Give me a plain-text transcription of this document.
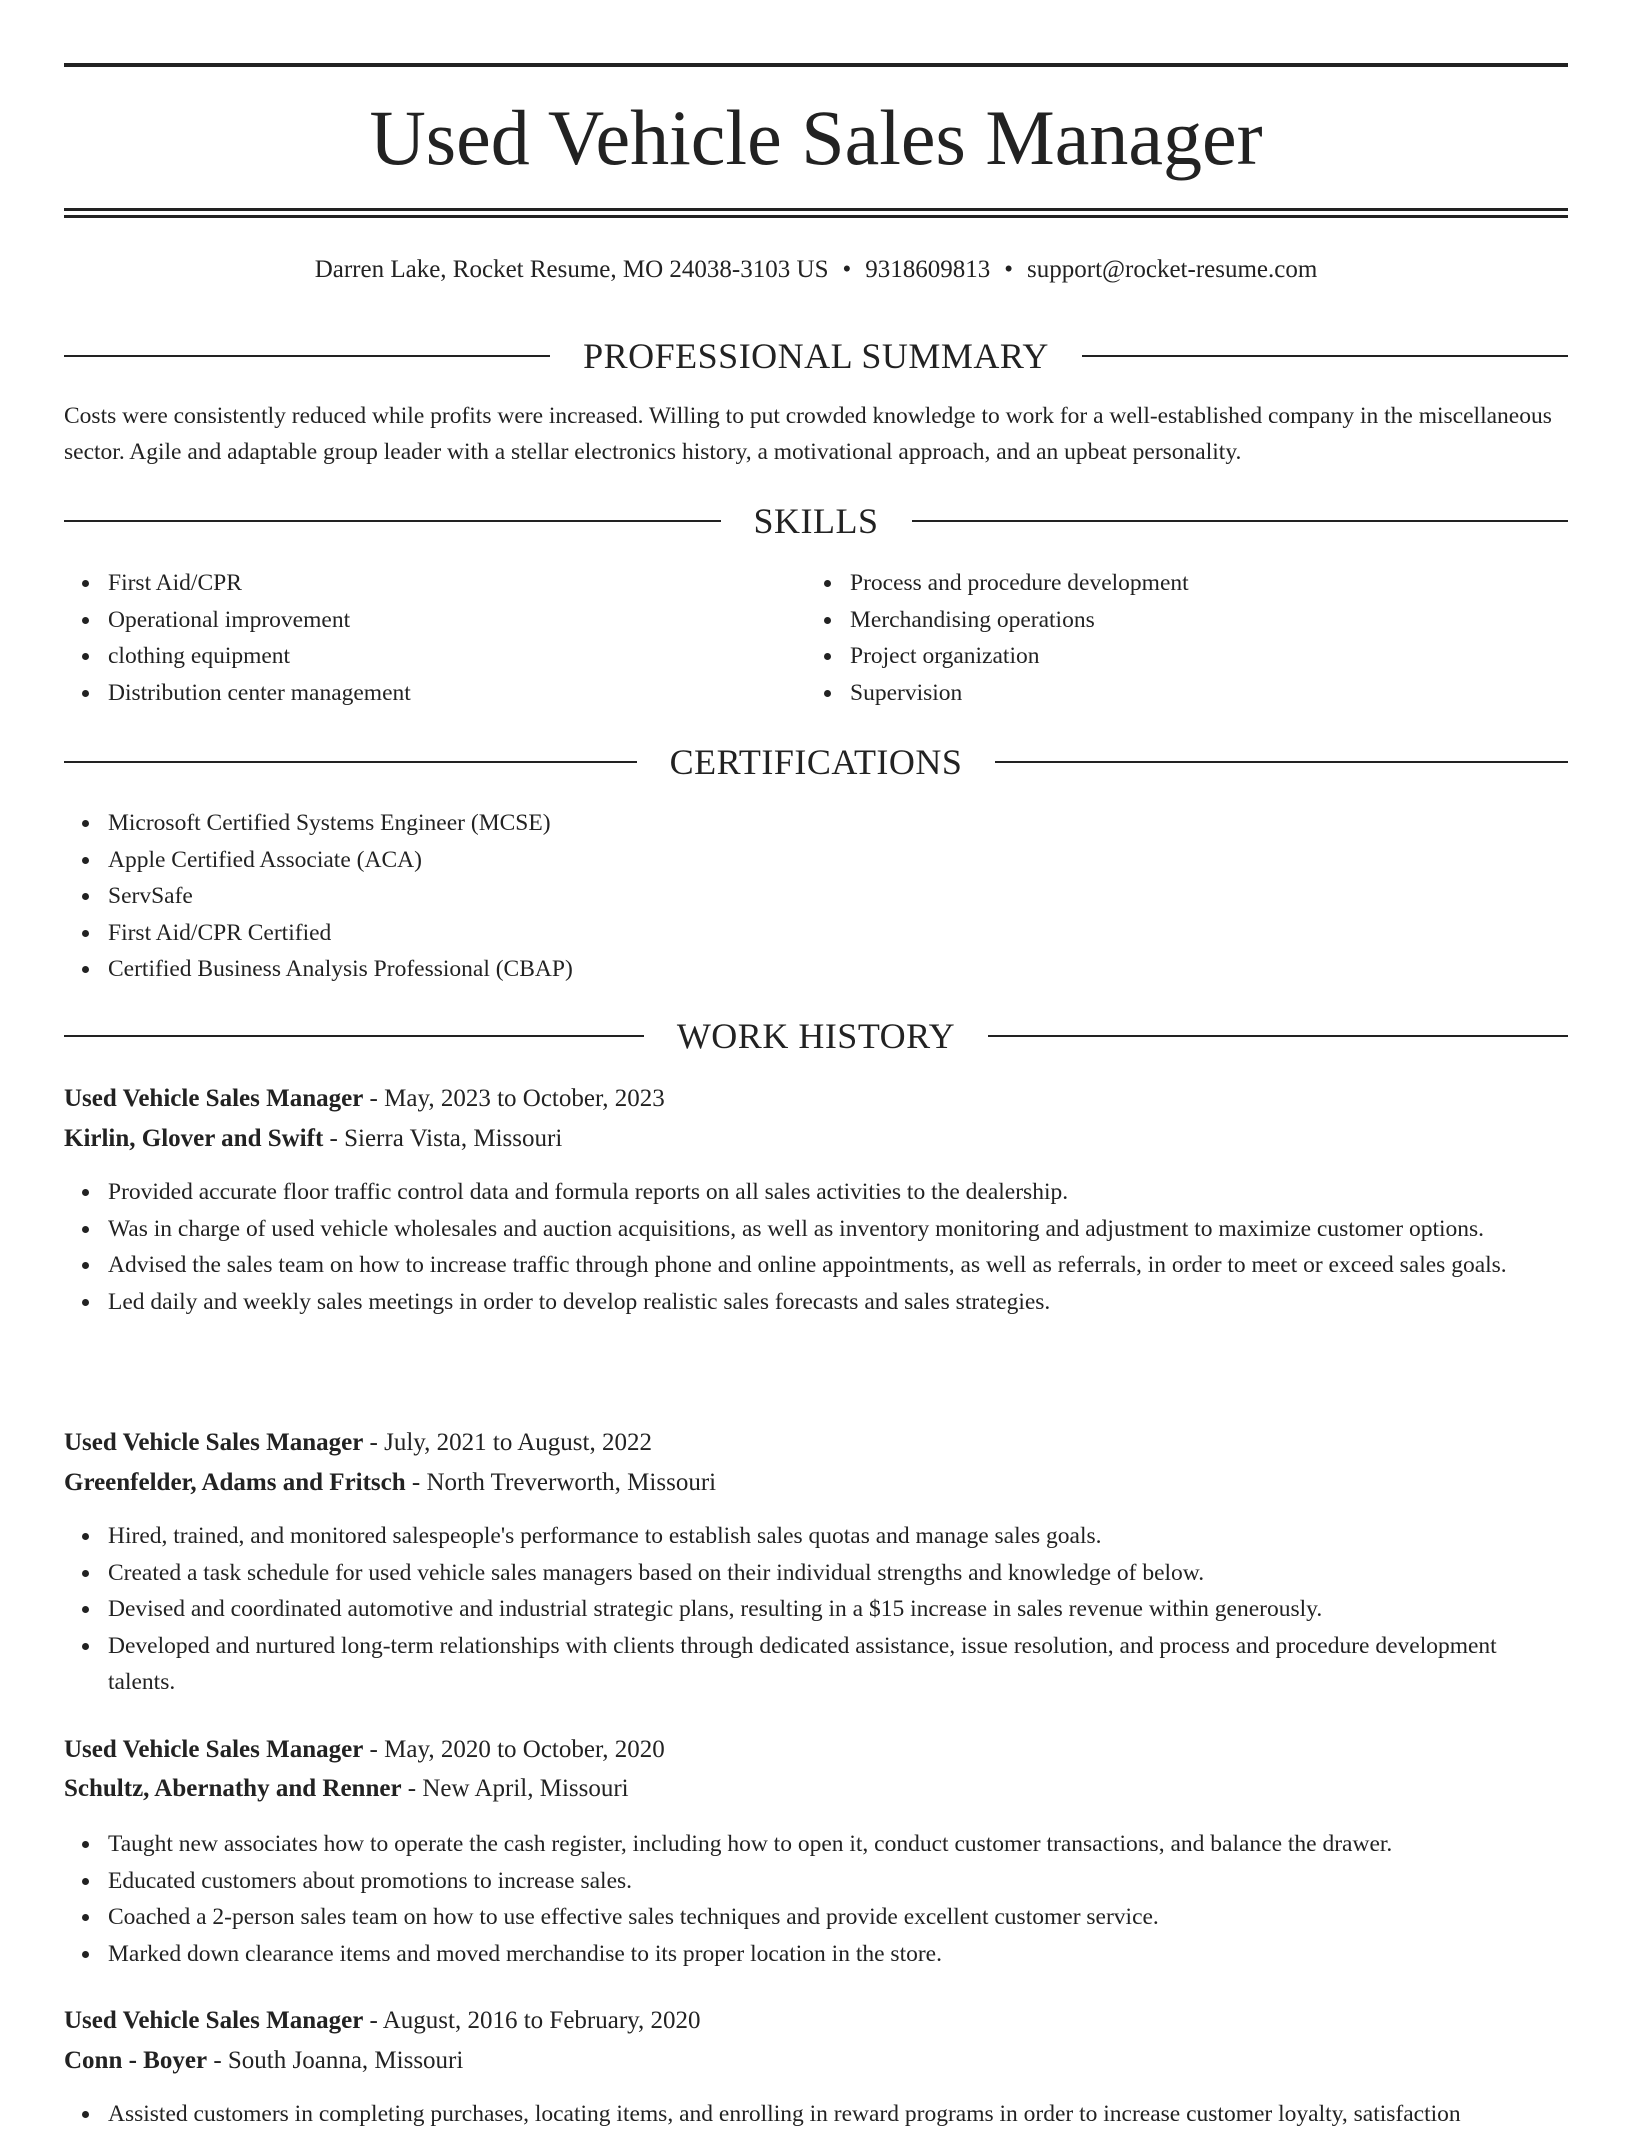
Used Vehicle Sales Manager
Darren Lake, Rocket Resume, MO 24038-3103 US • 9318609813 • support@rocket-resume.com
PROFESSIONAL SUMMARY

Costs were consistently reduced while profits were increased. Willing to put crowded knowledge to work for a well-established company in the miscellaneous sector. Agile and adaptable group leader with a stellar electronics history, a motivational approach, and an upbeat personality.

SKILLS
First Aid/CPR
Operational improvement
clothing equipment
Distribution center management
Process and procedure development
Merchandising operations
Project organization
Supervision
CERTIFICATIONS
Microsoft Certified Systems Engineer (MCSE)
Apple Certified Associate (ACA)
ServSafe
First Aid/CPR Certified
Certified Business Analysis Professional (CBAP)
WORK HISTORY
Used Vehicle Sales Manager - May, 2023 to October, 2023
Kirlin, Glover and Swift - Sierra Vista, Missouri
Provided accurate floor traffic control data and formula reports on all sales activities to the dealership.
Was in charge of used vehicle wholesales and auction acquisitions, as well as inventory monitoring and adjustment to maximize customer options.
Advised the sales team on how to increase traffic through phone and online appointments, as well as referrals, in order to meet or exceed sales goals.
Led daily and weekly sales meetings in order to develop realistic sales forecasts and sales strategies.
Used Vehicle Sales Manager - July, 2021 to August, 2022
Greenfelder, Adams and Fritsch - North Treverworth, Missouri
Hired, trained, and monitored salespeople's performance to establish sales quotas and manage sales goals.
Created a task schedule for used vehicle sales managers based on their individual strengths and knowledge of below.
Devised and coordinated automotive and industrial strategic plans, resulting in a $15 increase in sales revenue within generously.
Developed and nurtured long-term relationships with clients through dedicated assistance, issue resolution, and process and procedure development talents.
Used Vehicle Sales Manager - May, 2020 to October, 2020
Schultz, Abernathy and Renner - New April, Missouri
Taught new associates how to operate the cash register, including how to open it, conduct customer transactions, and balance the drawer.
Educated customers about promotions to increase sales.
Coached a 2-person sales team on how to use effective sales techniques and provide excellent customer service.
Marked down clearance items and moved merchandise to its proper location in the store.
Used Vehicle Sales Manager - August, 2016 to February, 2020
Conn - Boyer - South Joanna, Missouri
Assisted customers in completing purchases, locating items, and enrolling in reward programs in order to increase customer loyalty, satisfaction
